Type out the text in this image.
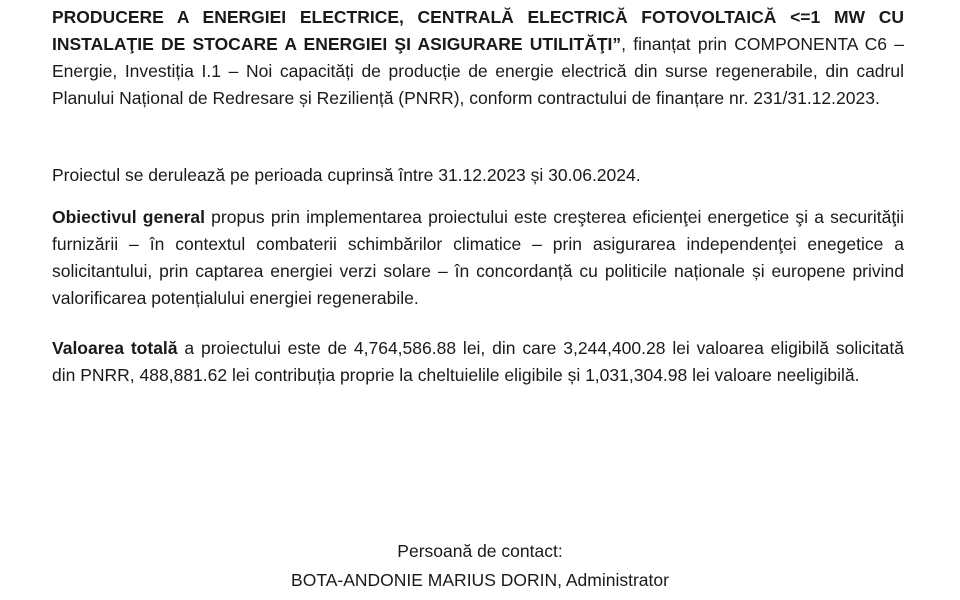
PRODUCERE A ENERGIEI ELECTRICE, CENTRALĂ ELECTRICĂ FOTOVOLTAICĂ <=1 MW CU INSTALAŢIE DE STOCARE A ENERGIEI ŞI ASIGURARE UTILITĂŢI”, finanțat prin COMPONENTA C6 – Energie, Investiția I.1 – Noi capacități de producție de energie electrică din surse regenerabile, din cadrul Planului Național de Redresare și Reziliență (PNRR), conform contractului de finanțare nr. 231/31.12.2023.

Proiectul se derulează pe perioada cuprinsă între 31.12.2023 și 30.06.2024.

Obiectivul general propus prin implementarea proiectului este creşterea eficienţei energetice şi a securităţii furnizării – în contextul combaterii schimbărilor climatice – prin asigurarea independenţei enegetice a solicitantului, prin captarea energiei verzi solare – în concordanță cu politicile naționale și europene privind valorificarea potențialului energiei regenerabile.

Valoarea totală a proiectului este de 4,764,586.88 lei, din care 3,244,400.28 lei valoarea eligibilă solicitată din PNRR, 488,881.62 lei contribuția proprie la cheltuielile eligibile și 1,031,304.98 lei valoare neeligibilă.

Persoană de contact:
BOTA-ANDONIE MARIUS DORIN, Administrator
